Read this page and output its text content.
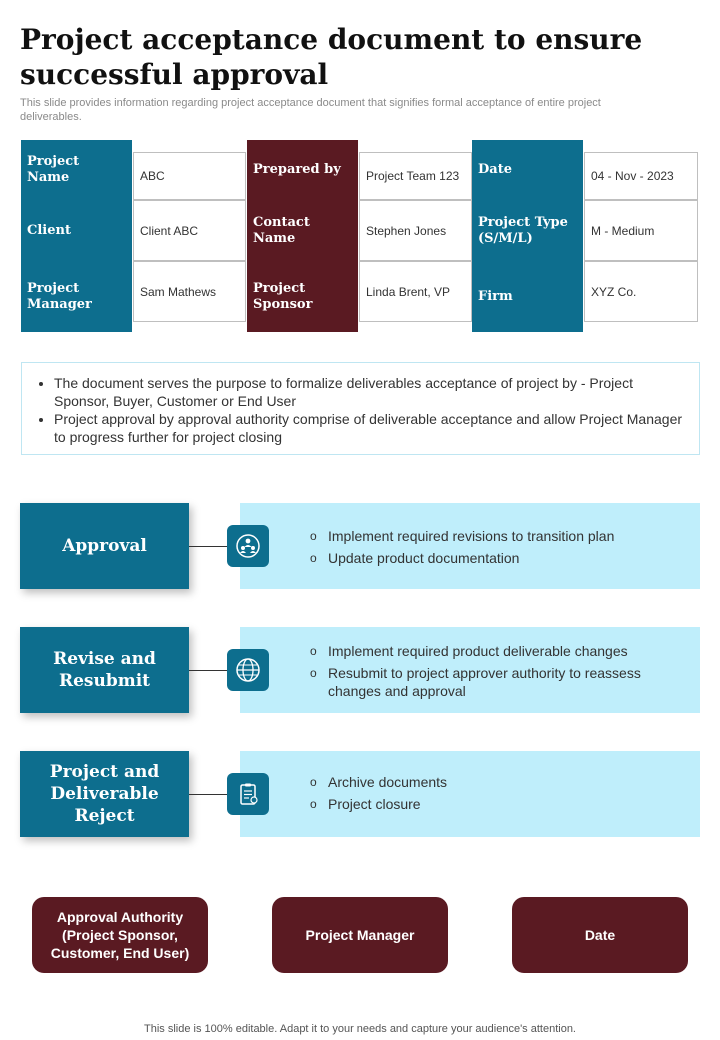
Project acceptance document to ensure successful approval

This slide provides information regarding project acceptance document that signifies formal acceptance of entire project deliverables.

Project Name	ABC	Prepared by	Project Team 123	Date	04 - Nov - 2023
Client	Client ABC
Contact Name	Stephen Jones
Project Type (S/M/L)	M - Medium
Project Manager
Sam Mathews	Project Sponsor
Linda Brent, VP	Firm	XYZ Co.
• The document serves the purpose to formalize deliverables acceptance of project by - Project Sponsor, Buyer, Customer or End User
• Project approval by approval authority comprise of deliverable acceptance and allow Project Manager to progress further for project closing
Approval
o	Implement required revisions to transition plan
o Update product documentation
Revise and Resubmit
o Implement required product deliverable changes
o Resubmit to project approver authority to reassess changes and approval
Project and Deliverable Reject
o Archive documents
o Project closure
Approval Authority (Project Sponsor, Customer, End User)
Project Manager	Date

This slide is 100% editable. Adapt it to your needs and capture your audience's attention.
